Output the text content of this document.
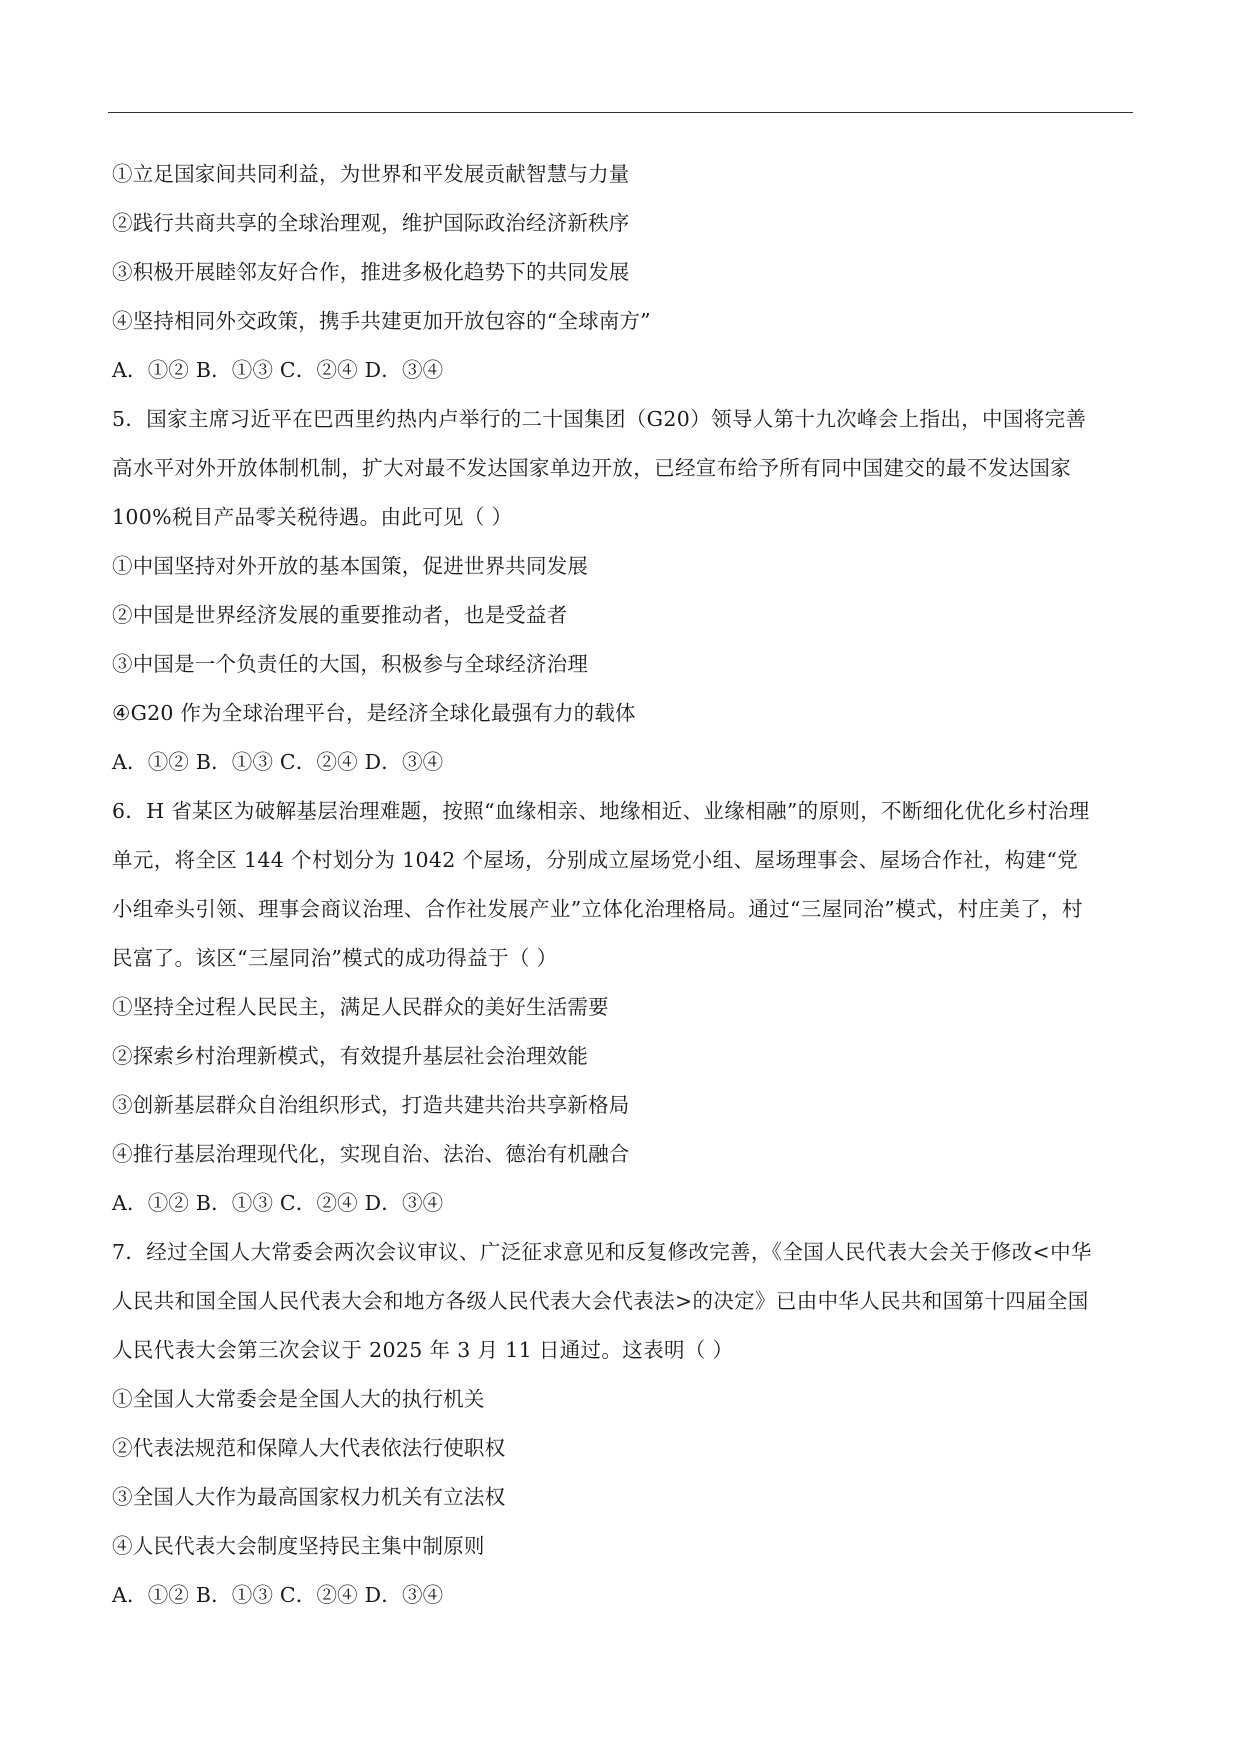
①立足国家间共同利益，为世界和平发展贡献智慧与力量
②践行共商共享的全球治理观，维护国际政治经济新秩序
③积极开展睦邻友好合作，推进多极化趋势下的共同发展
④坚持相同外交政策，携手共建更加开放包容的“全球南方”
A．①② B．①③ C．②④ D．③④
5．国家主席习近平在巴西里约热内卢举行的二十国集团（G20）领导人第十九次峰会上指出，中国将完善
高水平对外开放体制机制，扩大对最不发达国家单边开放，已经宣布给予所有同中国建交的最不发达国家
100%税目产品零关税待遇。由此可见（ ）
①中国坚持对外开放的基本国策，促进世界共同发展
②中国是世界经济发展的重要推动者，也是受益者
③中国是一个负责任的大国，积极参与全球经济治理
④G20 作为全球治理平台，是经济全球化最强有力的载体
A．①② B．①③ C．②④ D．③④
6．H 省某区为破解基层治理难题，按照“血缘相亲、地缘相近、业缘相融”的原则，不断细化优化乡村治理
单元，将全区 144 个村划分为 1042 个屋场，分别成立屋场党小组、屋场理事会、屋场合作社，构建“党
小组牵头引领、理事会商议治理、合作社发展产业”立体化治理格局。通过“三屋同治”模式，村庄美了，村
民富了。该区“三屋同治”模式的成功得益于（ ）
①坚持全过程人民民主，满足人民群众的美好生活需要
②探索乡村治理新模式，有效提升基层社会治理效能
③创新基层群众自治组织形式，打造共建共治共享新格局
④推行基层治理现代化，实现自治、法治、德治有机融合
A．①② B．①③ C．②④ D．③④
7．经过全国人大常委会两次会议审议、广泛征求意见和反复修改完善，《全国人民代表大会关于修改<中华
人民共和国全国人民代表大会和地方各级人民代表大会代表法>的决定》已由中华人民共和国第十四届全国
人民代表大会第三次会议于 2025 年 3 月 11 日通过。这表明（ ）
①全国人大常委会是全国人大的执行机关
②代表法规范和保障人大代表依法行使职权
③全国人大作为最高国家权力机关有立法权
④人民代表大会制度坚持民主集中制原则
A．①② B．①③ C．②④ D．③④
